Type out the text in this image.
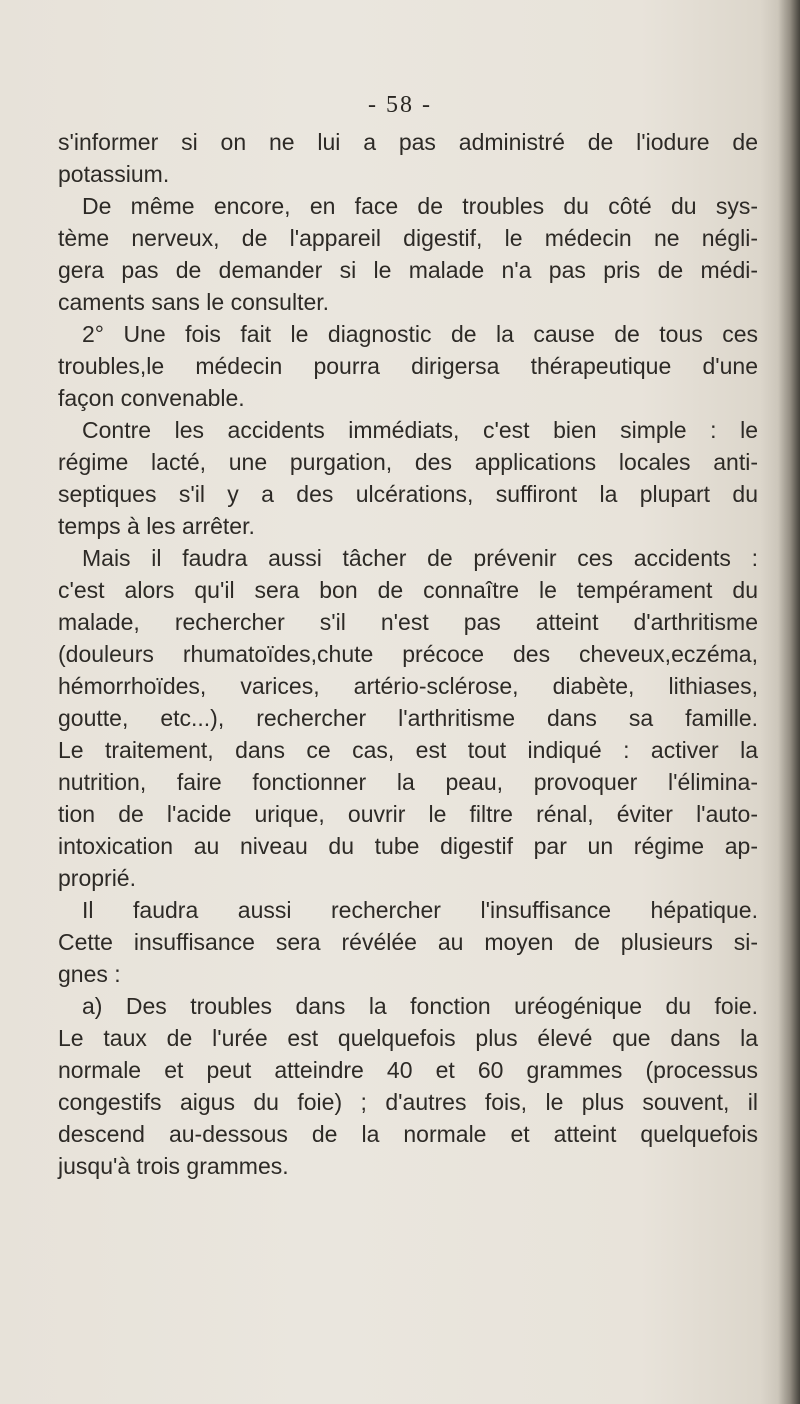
- 58 -
s'informer si on ne lui a pas administré de l'iodure de
potassium.
De même encore, en face de troubles du côté du sys-
tème nerveux, de l'appareil digestif, le médecin ne négli-
gera pas de demander si le malade n'a pas pris de médi-
caments sans le consulter.
2° Une fois fait le diagnostic de la cause de tous ces
troubles,le médecin pourra dirigersa thérapeutique d'une
façon convenable.
Contre les accidents immédiats, c'est bien simple : le
régime lacté, une purgation, des applications locales anti-
septiques s'il y a des ulcérations, suffiront la plupart du
temps à les arrêter.
Mais il faudra aussi tâcher de prévenir ces accidents :
c'est alors qu'il sera bon de connaître le tempérament du
malade, rechercher s'il n'est pas atteint d'arthritisme
(douleurs rhumatoïdes,chute précoce des cheveux,eczéma,
hémorrhoïdes, varices, artério-sclérose, diabète, lithiases,
goutte, etc...), rechercher l'arthritisme dans sa famille.
Le traitement, dans ce cas, est tout indiqué : activer la
nutrition, faire fonctionner la peau, provoquer l'élimina-
tion de l'acide urique, ouvrir le filtre rénal, éviter l'auto-
intoxication au niveau du tube digestif par un régime ap-
proprié.
Il faudra aussi rechercher l'insuffisance hépatique.
Cette insuffisance sera révélée au moyen de plusieurs si-
gnes :
a) Des troubles dans la fonction uréogénique du foie.
Le taux de l'urée est quelquefois plus élevé que dans la
normale et peut atteindre 40 et 60 grammes (processus
congestifs aigus du foie) ; d'autres fois, le plus souvent, il
descend au-dessous de la normale et atteint quelquefois
jusqu'à trois grammes.
